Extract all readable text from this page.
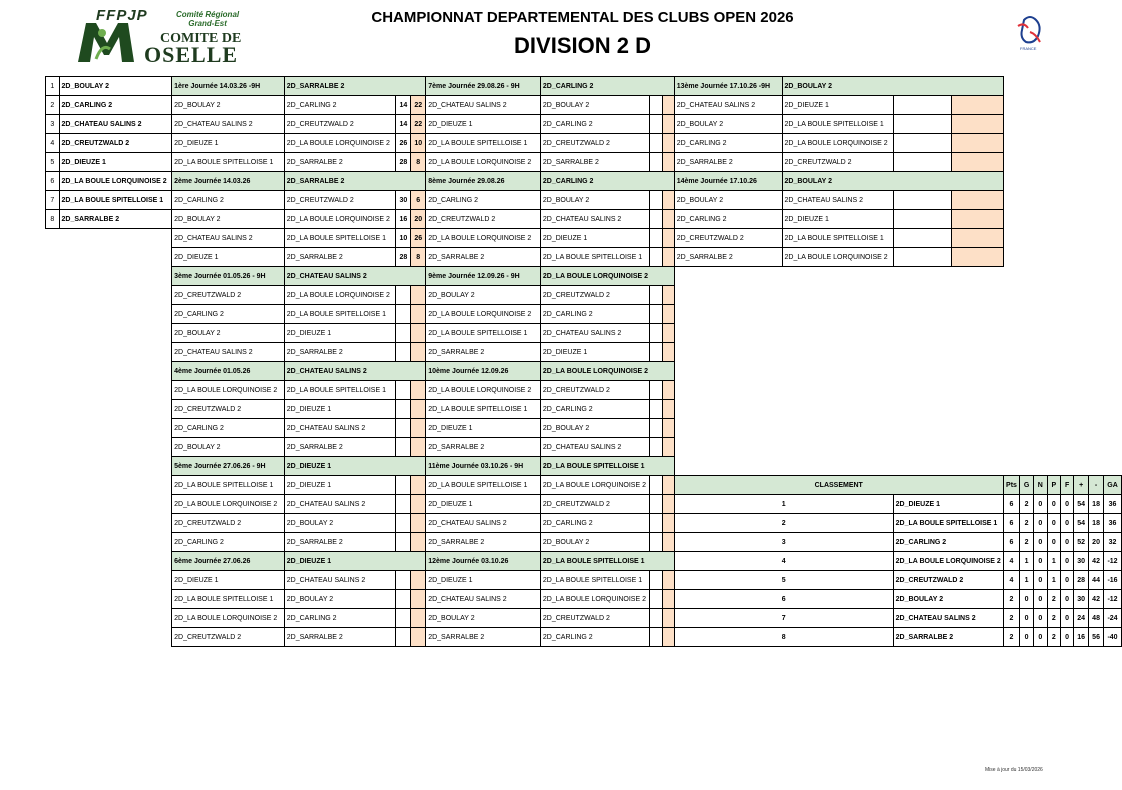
FFPJP	Comité Régional
Grand-Est
COMITE DE
OSELLE
CHAMPIONNAT DEPARTEMENTAL DES CLUBS OPEN 2026
DIVISION 2 D	FRANCE
1	2D_BOULAY 2	1ère Journée 14.03.26 -9H	2D_SARRALBE 2			7ème Journée 29.08.26 - 9H	2D_CARLING 2			13ème Journée 17.10.26 -9H	2D_BOULAY 2										
2	2D_CARLING 2	2D_BOULAY 2	2D_CARLING 2	14	22	2D_CHATEAU SALINS 2	2D_BOULAY 2			2D_CHATEAU SALINS 2	2D_DIEUZE 1										
3	2D_CHATEAU SALINS 2	2D_CHATEAU SALINS 2	2D_CREUTZWALD 2	14	22	2D_DIEUZE 1	2D_CARLING 2			2D_BOULAY 2	2D_LA BOULE SPITELLOISE 1										
4	2D_CREUTZWALD 2	2D_DIEUZE 1	2D_LA BOULE LORQUINOISE 2	26	10	2D_LA BOULE SPITELLOISE 1	2D_CREUTZWALD 2			2D_CARLING 2	2D_LA BOULE LORQUINOISE 2										
5	2D_DIEUZE 1	2D_LA BOULE SPITELLOISE 1	2D_SARRALBE 2	28	8	2D_LA BOULE LORQUINOISE 2	2D_SARRALBE 2			2D_SARRALBE 2	2D_CREUTZWALD 2										
6	2D_LA BOULE LORQUINOISE 2	2ème Journée 14.03.26	2D_SARRALBE 2			8ème Journée 29.08.26	2D_CARLING 2			14ème Journée 17.10.26	2D_BOULAY 2										
7	2D_LA BOULE SPITELLOISE 1	2D_CARLING 2	2D_CREUTZWALD 2	30	6	2D_CARLING 2	2D_BOULAY 2			2D_BOULAY 2	2D_CHATEAU SALINS 2										
8	2D_SARRALBE 2	2D_BOULAY 2	2D_LA BOULE LORQUINOISE 2	16	20	2D_CREUTZWALD 2	2D_CHATEAU SALINS 2			2D_CARLING 2	2D_DIEUZE 1										
		2D_CHATEAU SALINS 2	2D_LA BOULE SPITELLOISE 1	10	26	2D_LA BOULE LORQUINOISE 2	2D_DIEUZE 1			2D_CREUTZWALD 2	2D_LA BOULE SPITELLOISE 1										
		2D_DIEUZE 1	2D_SARRALBE 2	28	8	2D_SARRALBE 2	2D_LA BOULE SPITELLOISE 1			2D_SARRALBE 2	2D_LA BOULE LORQUINOISE 2										
		3ème Journée 01.05.26 - 9H	2D_CHATEAU SALINS 2			9ème Journée 12.09.26 - 9H	2D_LA BOULE LORQUINOISE 2														
		2D_CREUTZWALD 2	2D_LA BOULE LORQUINOISE 2			2D_BOULAY 2	2D_CREUTZWALD 2														
		2D_CARLING 2	2D_LA BOULE SPITELLOISE 1			2D_LA BOULE LORQUINOISE 2	2D_CARLING 2														
		2D_BOULAY 2	2D_DIEUZE 1			2D_LA BOULE SPITELLOISE 1	2D_CHATEAU SALINS 2														
		2D_CHATEAU SALINS 2	2D_SARRALBE 2			2D_SARRALBE 2	2D_DIEUZE 1														
		4ème Journée 01.05.26	2D_CHATEAU SALINS 2			10ème Journée 12.09.26	2D_LA BOULE LORQUINOISE 2														
		2D_LA BOULE LORQUINOISE 2	2D_LA BOULE SPITELLOISE 1			2D_LA BOULE LORQUINOISE 2	2D_CREUTZWALD 2														
		2D_CREUTZWALD 2	2D_DIEUZE 1			2D_LA BOULE SPITELLOISE 1	2D_CARLING 2														
		2D_CARLING 2	2D_CHATEAU SALINS 2			2D_DIEUZE 1	2D_BOULAY 2														
		2D_BOULAY 2	2D_SARRALBE 2			2D_SARRALBE 2	2D_CHATEAU SALINS 2														
		5ème Journée 27.06.26 - 9H	2D_DIEUZE 1			11ème Journée 03.10.26 - 9H	2D_LA BOULE SPITELLOISE 1														
		2D_LA BOULE SPITELLOISE 1	2D_DIEUZE 1			2D_LA BOULE SPITELLOISE 1	2D_LA BOULE LORQUINOISE 2			CLASSEMENT				Pts	G	N	P	F	+	-	GA
		2D_LA BOULE LORQUINOISE 2	2D_CHATEAU SALINS 2			2D_DIEUZE 1	2D_CREUTZWALD 2			1		2D_DIEUZE 1		6	2	0	0	0	54	18	36
		2D_CREUTZWALD 2	2D_BOULAY 2			2D_CHATEAU SALINS 2	2D_CARLING 2			2		2D_LA BOULE SPITELLOISE 1		6	2	0	0	0	54	18	36
		2D_CARLING 2	2D_SARRALBE 2			2D_SARRALBE 2	2D_BOULAY 2			3		2D_CARLING 2		6	2	0	0	0	52	20	32
		6ème Journée 27.06.26	2D_DIEUZE 1			12ème Journée 03.10.26	2D_LA BOULE SPITELLOISE 1			4		2D_LA BOULE LORQUINOISE 2		4	1	0	1	0	30	42	-12
		2D_DIEUZE 1	2D_CHATEAU SALINS 2			2D_DIEUZE 1	2D_LA BOULE SPITELLOISE 1			5		2D_CREUTZWALD 2		4	1	0	1	0	28	44	-16
		2D_LA BOULE SPITELLOISE 1	2D_BOULAY 2			2D_CHATEAU SALINS 2	2D_LA BOULE LORQUINOISE 2			6		2D_BOULAY 2		2	0	0	2	0	30	42	-12
		2D_LA BOULE LORQUINOISE 2	2D_CARLING 2			2D_BOULAY 2	2D_CREUTZWALD 2			7		2D_CHATEAU SALINS 2		2	0	0	2	0	24	48	-24
		2D_CREUTZWALD 2	2D_SARRALBE 2			2D_SARRALBE 2	2D_CARLING 2			8		2D_SARRALBE 2		2	0	0	2	0	16	56	-40
Mise à jour du 15/03/2026
